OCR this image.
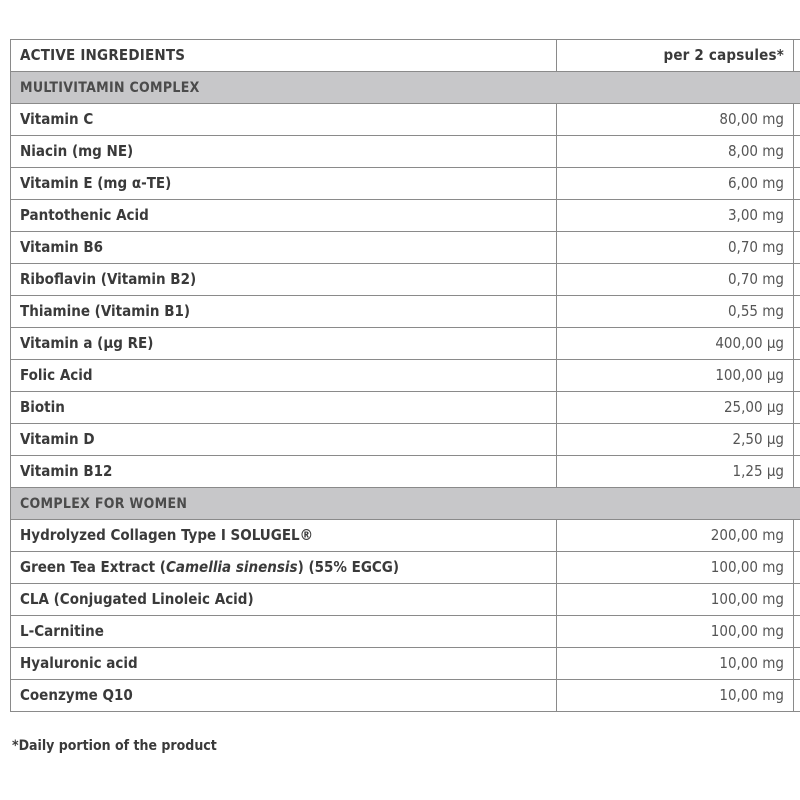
ACTIVE INGREDIENTS	per 2 capsules*	
MULTIVITAMIN COMPLEX		
Vitamin C	80,00 mg	
Niacin (mg NE)	8,00 mg	
Vitamin E (mg α-TE)	6,00 mg	
Pantothenic Acid	3,00 mg	
Vitamin B6	0,70 mg	
Riboflavin (Vitamin B2)	0,70 mg	
Thiamine (Vitamin B1)	0,55 mg	
Vitamin a (μg RE)	400,00 μg	
Folic Acid	100,00 μg	
Biotin	25,00 μg	
Vitamin D	2,50 μg	
Vitamin B12	1,25 μg	
COMPLEX FOR WOMEN		
Hydrolyzed Collagen Type I SOLUGEL®	200,00 mg	
Green Tea Extract (Camellia sinensis) (55% EGCG)	100,00 mg	
CLA (Conjugated Linoleic Acid)	100,00 mg	
L-Carnitine	100,00 mg	
Hyaluronic acid	10,00 mg	
Coenzyme Q10	10,00 mg	
*Daily portion of the product
